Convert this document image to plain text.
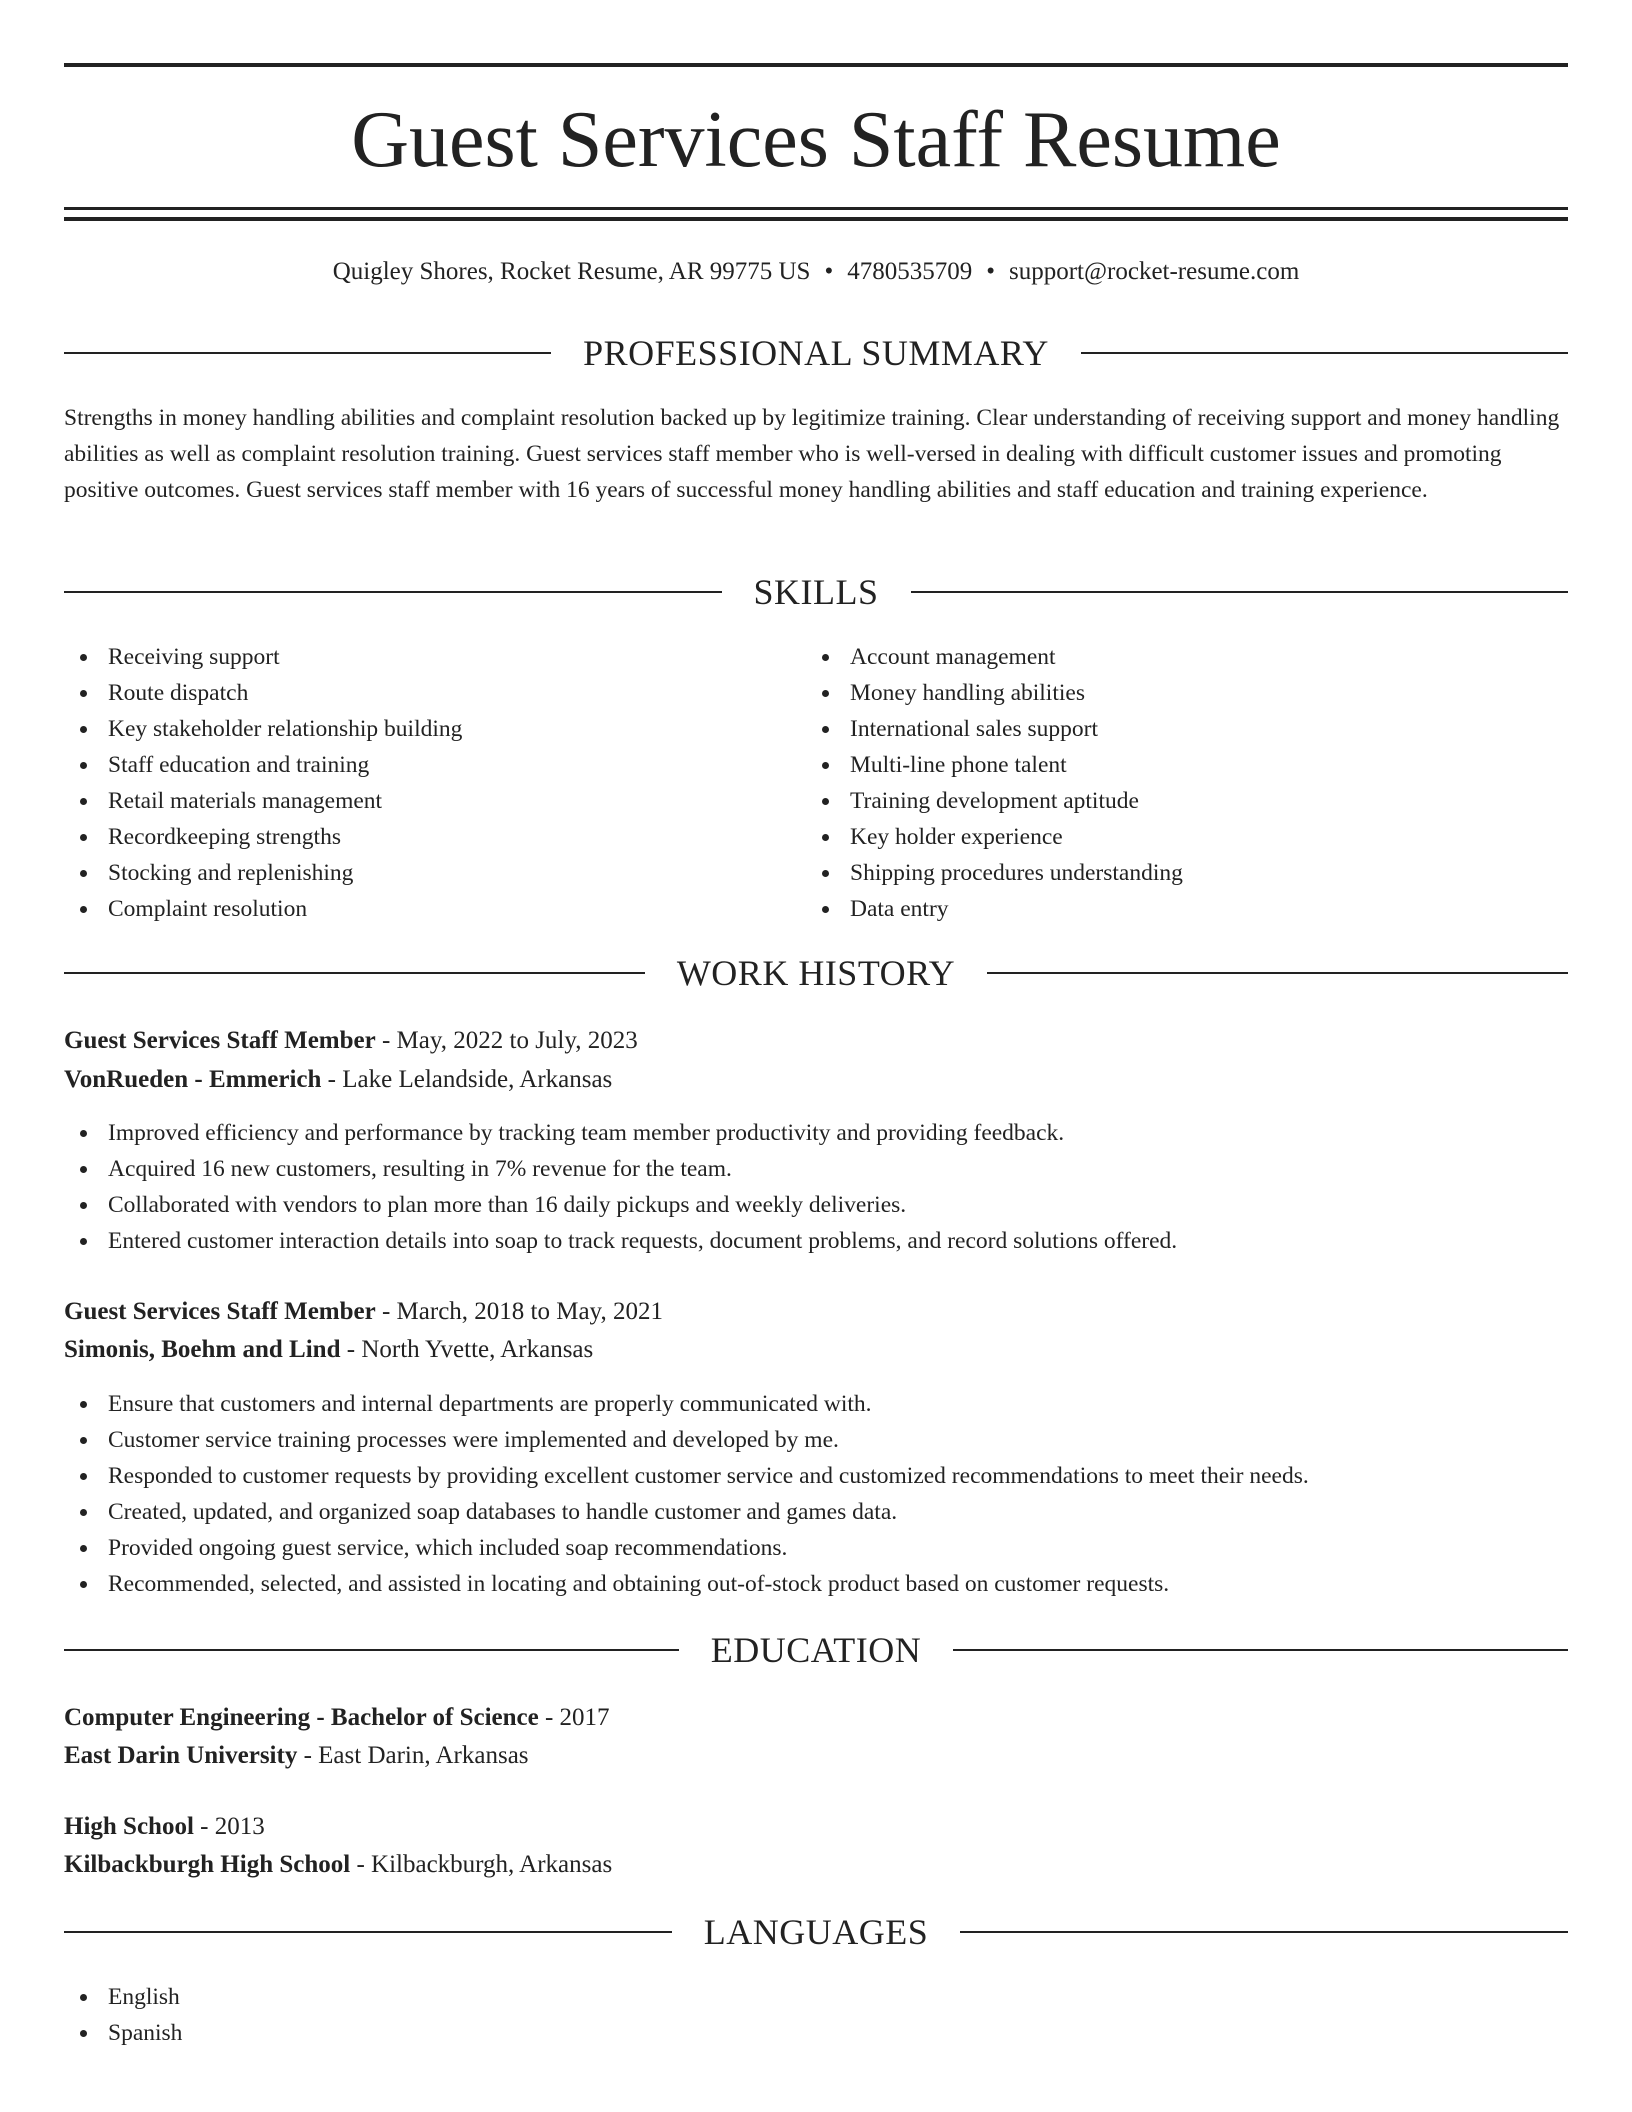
Guest Services Staff Resume
Quigley Shores, Rocket Resume, AR 99775 US • 4780535709 • support@rocket-resume.com
PROFESSIONAL SUMMARY

Strengths in money handling abilities and complaint resolution backed up by legitimize training. Clear understanding of receiving support and money handling abilities as well as complaint resolution training. Guest services staff member who is well-versed in dealing with difficult customer issues and promoting positive outcomes. Guest services staff member with 16 years of successful money handling abilities and staff education and training experience.

SKILLS
Receiving support
Route dispatch
Key stakeholder relationship building
Staff education and training
Retail materials management
Recordkeeping strengths
Stocking and replenishing
Complaint resolution
Account management
Money handling abilities
International sales support
Multi-line phone talent
Training development aptitude
Key holder experience
Shipping procedures understanding
Data entry
WORK HISTORY
Guest Services Staff Member - May, 2022 to July, 2023
VonRueden - Emmerich - Lake Lelandside, Arkansas
Improved efficiency and performance by tracking team member productivity and providing feedback.
Acquired 16 new customers, resulting in 7% revenue for the team.
Collaborated with vendors to plan more than 16 daily pickups and weekly deliveries.
Entered customer interaction details into soap to track requests, document problems, and record solutions offered.
Guest Services Staff Member - March, 2018 to May, 2021
Simonis, Boehm and Lind - North Yvette, Arkansas
Ensure that customers and internal departments are properly communicated with.
Customer service training processes were implemented and developed by me.
Responded to customer requests by providing excellent customer service and customized recommendations to meet their needs.
Created, updated, and organized soap databases to handle customer and games data.
Provided ongoing guest service, which included soap recommendations.
Recommended, selected, and assisted in locating and obtaining out-of-stock product based on customer requests.
EDUCATION
Computer Engineering - Bachelor of Science - 2017
East Darin University - East Darin, Arkansas
High School - 2013
Kilbackburgh High School - Kilbackburgh, Arkansas
LANGUAGES
English
Spanish
